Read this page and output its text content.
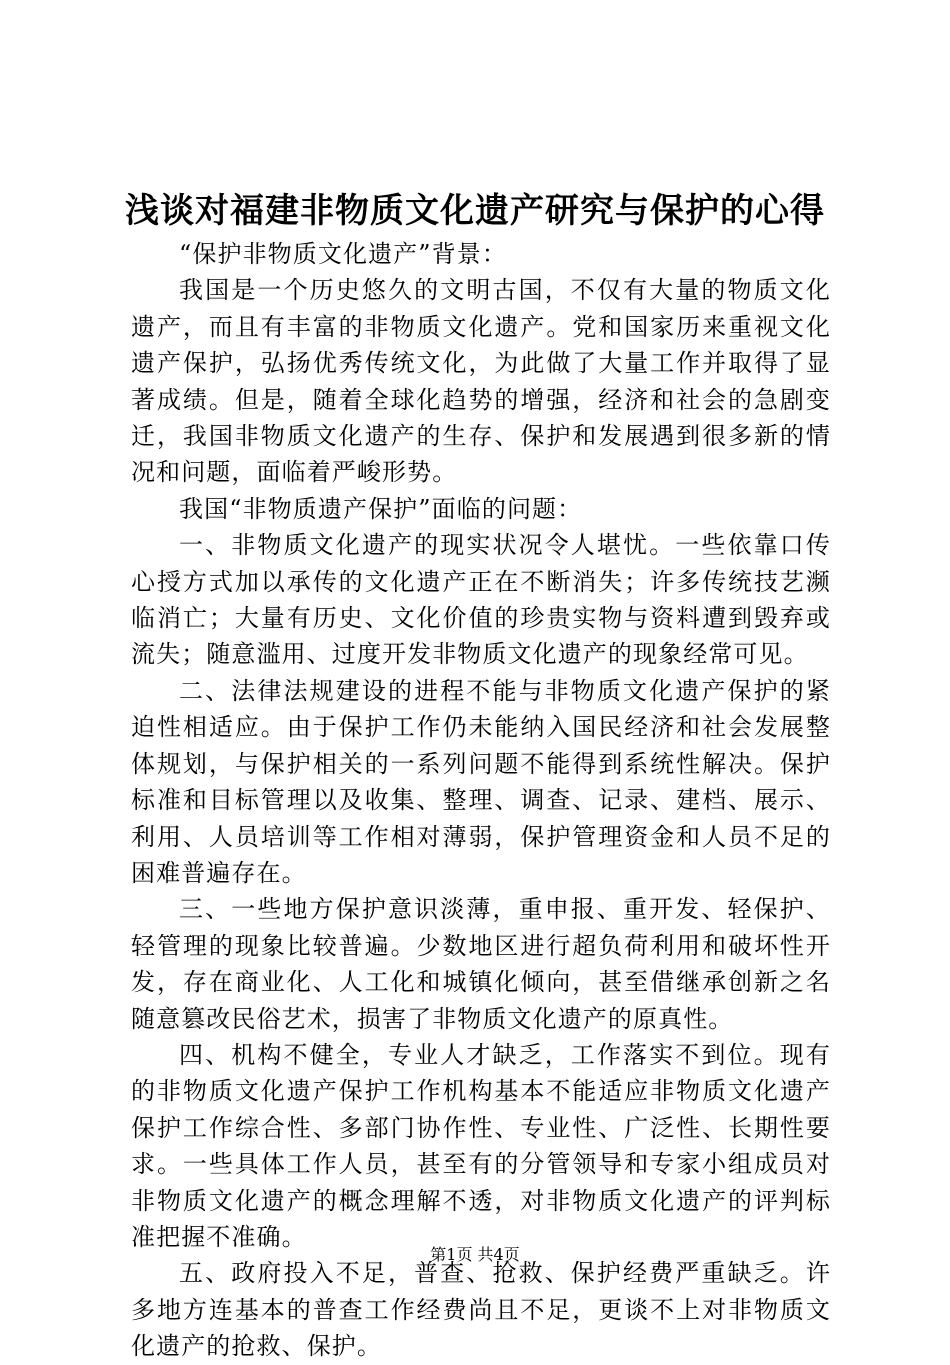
浅谈对福建非物质文化遗产研究与保护的心得

“保护非物质文化遗产”背景：

我国是一个历史悠久的文明古国，不仅有大量的物质文化遗产，而且有丰富的非物质文化遗产。党和国家历来重视文化遗产保护，弘扬优秀传统文化，为此做了大量工作并取得了显著成绩。但是，随着全球化趋势的增强，经济和社会的急剧变迁，我国非物质文化遗产的生存、保护和发展遇到很多新的情况和问题，面临着严峻形势。

我国“非物质遗产保护”面临的问题：

一、非物质文化遗产的现实状况令人堪忧。一些依靠口传心授方式加以承传的文化遗产正在不断消失；许多传统技艺濒临消亡；大量有历史、文化价值的珍贵实物与资料遭到毁弃或流失；随意滥用、过度开发非物质文化遗产的现象经常可见。

二、法律法规建设的进程不能与非物质文化遗产保护的紧迫性相适应。由于保护工作仍未能纳入国民经济和社会发展整体规划，与保护相关的一系列问题不能得到系统性解决。保护标准和目标管理以及收集、整理、调查、记录、建档、展示、利用、人员培训等工作相对薄弱，保护管理资金和人员不足的困难普遍存在。

三、一些地方保护意识淡薄，重申报、重开发、轻保护、轻管理的现象比较普遍。少数地区进行超负荷利用和破坏性开发，存在商业化、人工化和城镇化倾向，甚至借继承创新之名随意篡改民俗艺术，损害了非物质文化遗产的原真性。

四、机构不健全，专业人才缺乏，工作落实不到位。现有的非物质文化遗产保护工作机构基本不能适应非物质文化遗产保护工作综合性、多部门协作性、专业性、广泛性、长期性要求。一些具体工作人员，甚至有的分管领导和专家小组成员对非物质文化遗产的概念理解不透，对非物质文化遗产的评判标准把握不准确。

五、政府投入不足，普查、抢救、保护经费严重缺乏。许多地方连基本的普查工作经费尚且不足，更谈不上对非物质文化遗产的抢救、保护。

第1页 共4页
